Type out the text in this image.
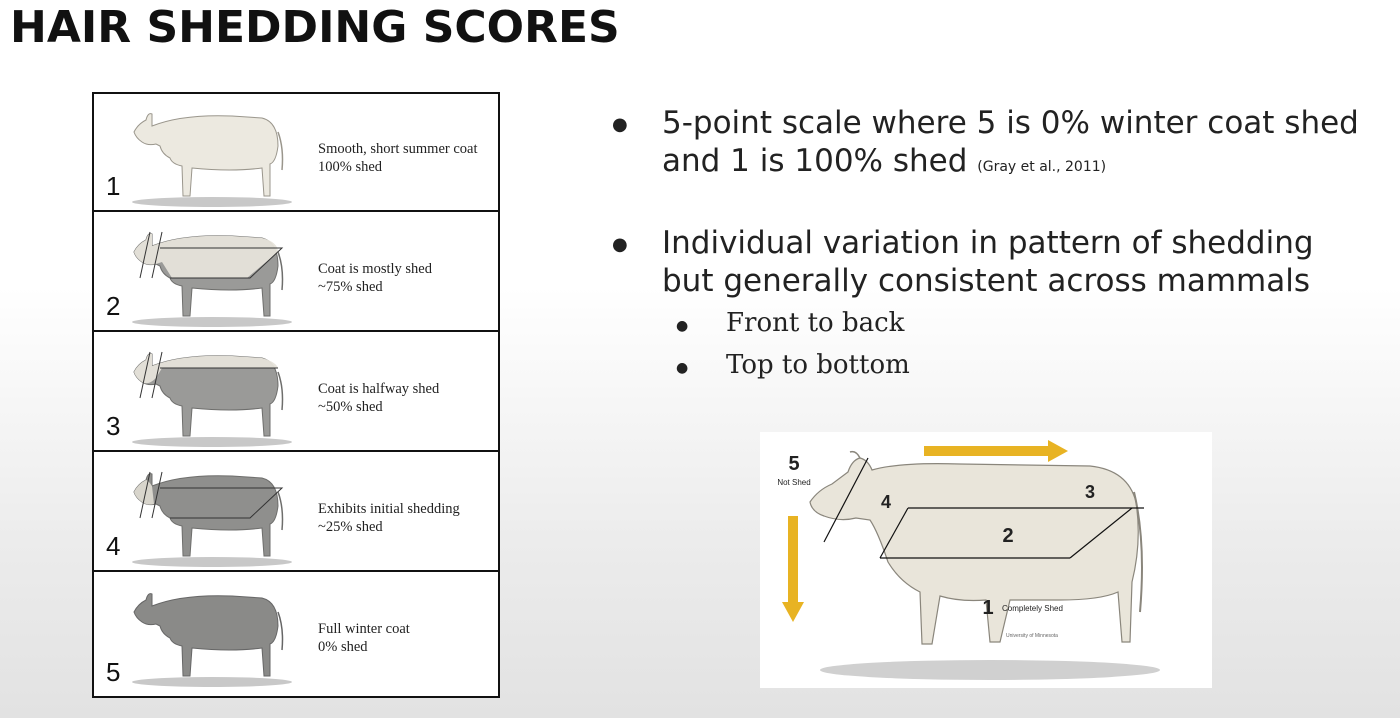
HAIR SHEDDING SCORES
1
Smooth, short summer coat
100% shed
2
Coat is mostly shed
~75% shed
3
Coat is halfway shed
~50% shed
4
Exhibits initial shedding
~25% shed
5
Full winter coat
0% shed
● 5-point scale where 5 is 0% winter coat shed
and 1 is 100% shed (Gray et al., 2011)
● Individual variation in pattern of shedding
but generally consistent across mammals
● Front to back
● Top to bottom
5
Not Shed
4	3
2
1 Completely Shed
University of Minnesota
